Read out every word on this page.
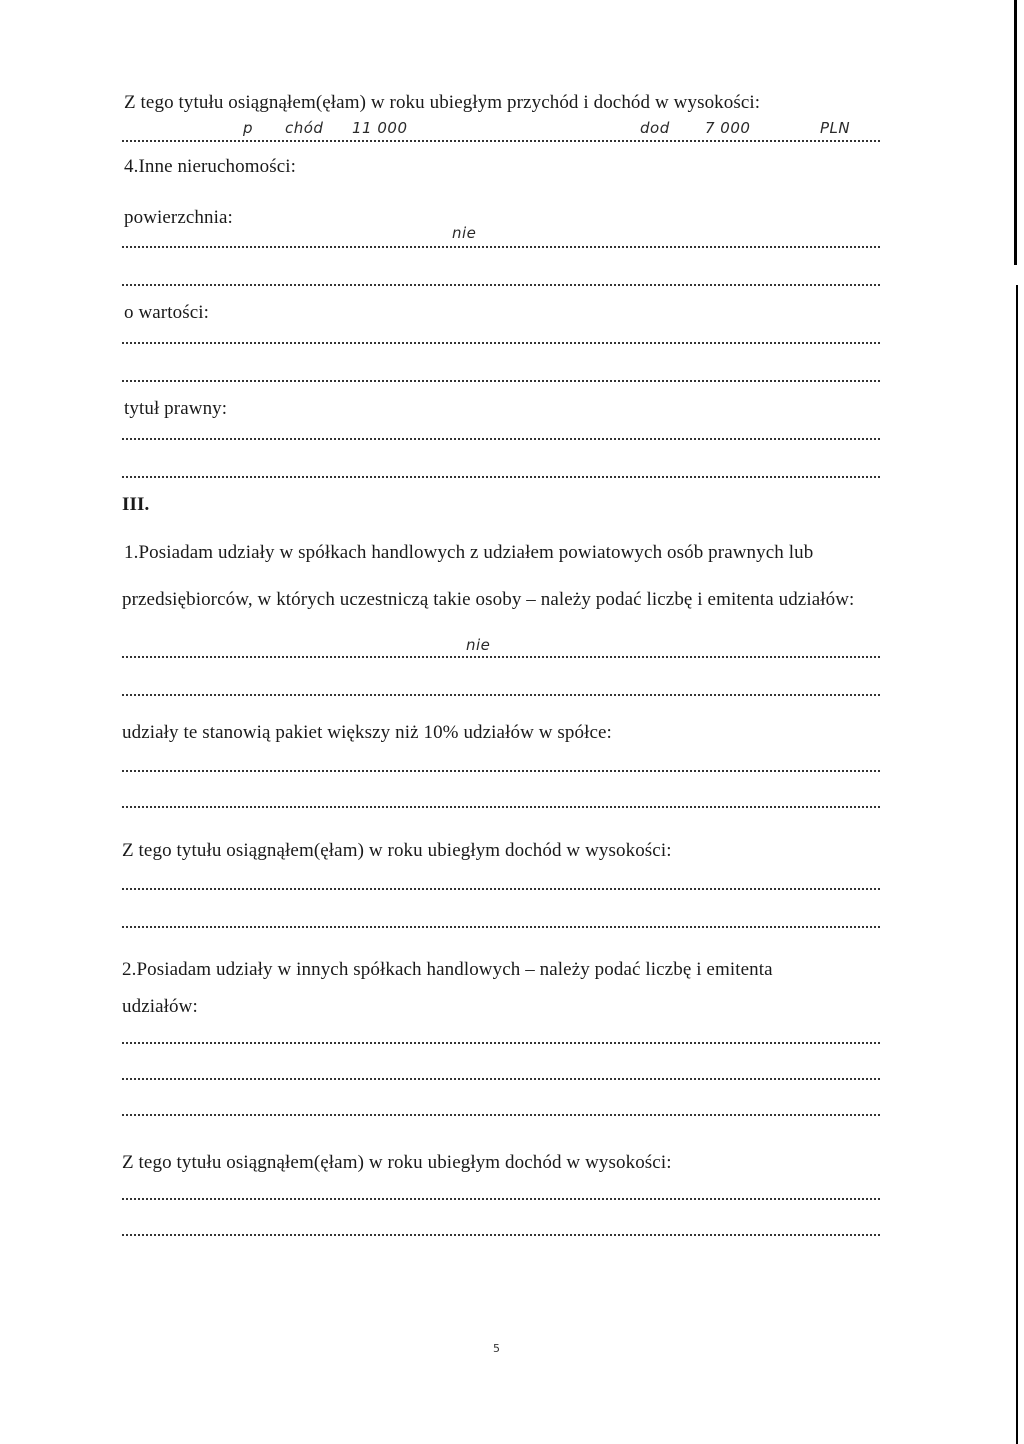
Z tego tytułu osiągnąłem(ęłam) w roku ubiegłym przychód i dochód w wysokości:
p chód 11 000	dod 7 000	PLN
4.Inne nieruchomości:
powierzchnia:
nie
o wartości:
tytuł prawny:
III.
1.Posiadam udziały w spółkach handlowych z udziałem powiatowych osób prawnych lub
przedsiębiorców, w których uczestniczą takie osoby – należy podać liczbę i emitenta udziałów:
nie
udziały te stanowią pakiet większy niż 10% udziałów w spółce:
Z tego tytułu osiągnąłem(ęłam) w roku ubiegłym dochód w wysokości:
2.Posiadam udziały w innych spółkach handlowych – należy podać liczbę i emitenta
udziałów:
Z tego tytułu osiągnąłem(ęłam) w roku ubiegłym dochód w wysokości:
5
